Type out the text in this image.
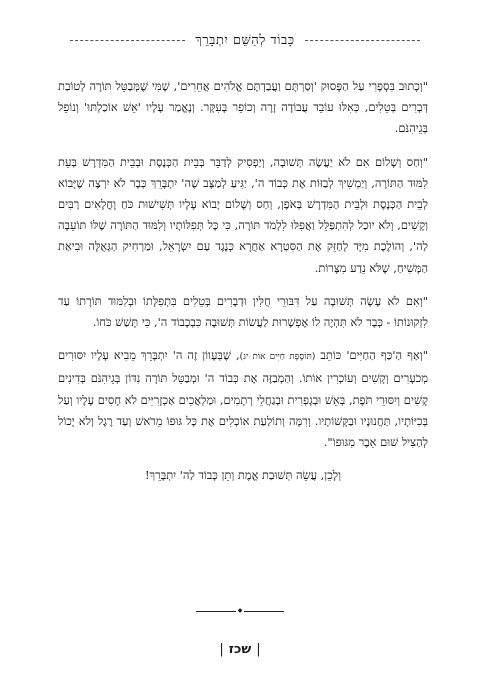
כָּבוֹד לְהַשֵּׁם יִתְבָּרֵךְ

"וְכָתוּב בִּסְפָרִי עַל הַפָּסוּק 'וְסַרְתֶּם וַעֲבַדְתֶּם אֱלֹהִים אֲחֵרִים', שֶׁמִּי שֶׁמְּבַטֵּל תּוֹרָה לְטוֹבַת דְּבָרִים בְּטֵלִים, כְּאִלּוּ עוֹבֵד עֲבוֹדָה זָרָה וְכוֹפֵר בָּעִקָּר. וְנֶאֱמַר עָלָיו 'אֵשׁ אוֹכַלְתּוּ' וְנוֹפֵל בְּגֵיהִנֹּם.

"וְחַס וְשָׁלוֹם אִם לֹא יַעֲשֶׂה תְּשׁוּבָה, וְיַפְסִיק לְדַבֵּר בְּבֵית הַכְּנֶסֶת וּבְבֵית הַמִּדְרָשׁ בְּעֵת לִמּוּד הַתּוֹרָה, וְיַמְשִׁיךְ לְבַזּוֹת אֶת כְּבוֹד ה', יַגִּיעַ לְמַצָּב שֶׁה' יִתְבָּרֵךְ כְּבָר לֹא יִרְצֶה שֶׁיָּבוֹא לְבֵית הַכְּנֶסֶת וּלְבֵית הַמִּדְרָשׁ בְּאֹפֶן, וְחַס וְשָׁלוֹם יָבוֹא עָלָיו תְּשִׁישׁוּת כֹּחַ וָחֳלָאִים רַבִּים וְקָשִׁים, וְלֹא יוּכַל לְהִתְפַּלֵּל וַאֲפִלּוּ לִלְמֹד תּוֹרָה, כִּי כָּל תְּפִלּוֹתָיו וְלִמּוּד הַתּוֹרָה שֶׁלּוֹ תּוֹעֵבָה לַה', וְהוֹלֶכֶת מִיָּד לְחַזֵּק אֶת הַסִּטְרָא אַחֲרָא כְּנֶגֶד עַם יִשְׂרָאֵל, וּמַרְחִיק הַגְּאֻלָּה וּבִיאַת הַמָּשִׁיחַ, שֶׁלֹּא נֵדַע מִצָּרוֹת.

"וְאִם לֹא עָשָׂה תְּשׁוּבָה עַל דִּבּוּרֵי חֻלִּין וּדְבָרִים בְּטֵלִים בִּתְפִלָּתוֹ וּבְלִמּוּד תּוֹרָתוֹ עַד לִזְקוּנוֹתוֹ - כְּבָר לֹא תִּהְיֶה לוֹ אֶפְשָׁרוּת לַעֲשׂוֹת תְּשׁוּבָה כִּבְכָבוֹד ה', כִּי תָּשַׁשׁ כֹּחוֹ.

"וְאַף הַ'כַּף הַחַיִּים' כּוֹתֵב (תּוֹסֶפֶת חַיִּים אוֹת יג), שֶׁבְּעָווֹן זֶה ה' יִתְבָּרֵךְ מֵבִיא עָלָיו יִסּוּרִים מְכֹעָרִים וְקָשִׁים וְעוֹכְרִין אוֹתוֹ. וְהַמְבַזֶּה אֶת כְּבוֹד ה' וּמְבַטֵּל תּוֹרָה נִדּוֹן בְּגֵיהִנֹּם בְּדִינִים קָשִׁים וְיִסּוּרֵי תֹּפֶת, בְּאֵשׁ וּבְגָפְרִית וּבְגַחֲלֵי רְתָמִים, וּמַלְאֲכִים אַכְזָרִיִּים לֹא חָסִים עָלָיו וְעַל בְּכִיּוֹתָיו, תַּחֲנוּנָיו וּבַקָּשׁוֹתָיו. וְרִמָּה וְתוֹלַעַת אוֹכְלִים אֶת כָּל גּוּפוֹ מֵרֹאשׁ וְעַד רֶגֶל וְלֹא יָכוֹל לְהַצִּיל שׁוּם אֵבֶר מִגּוּפוֹ".

וְלָכֵן, עֲשֵׂה תְּשׁוּבַת אֱמֶת וְתֵן כָּבוֹד לַה' יִתְבָּרֵךְ!

◆
|שכז|
